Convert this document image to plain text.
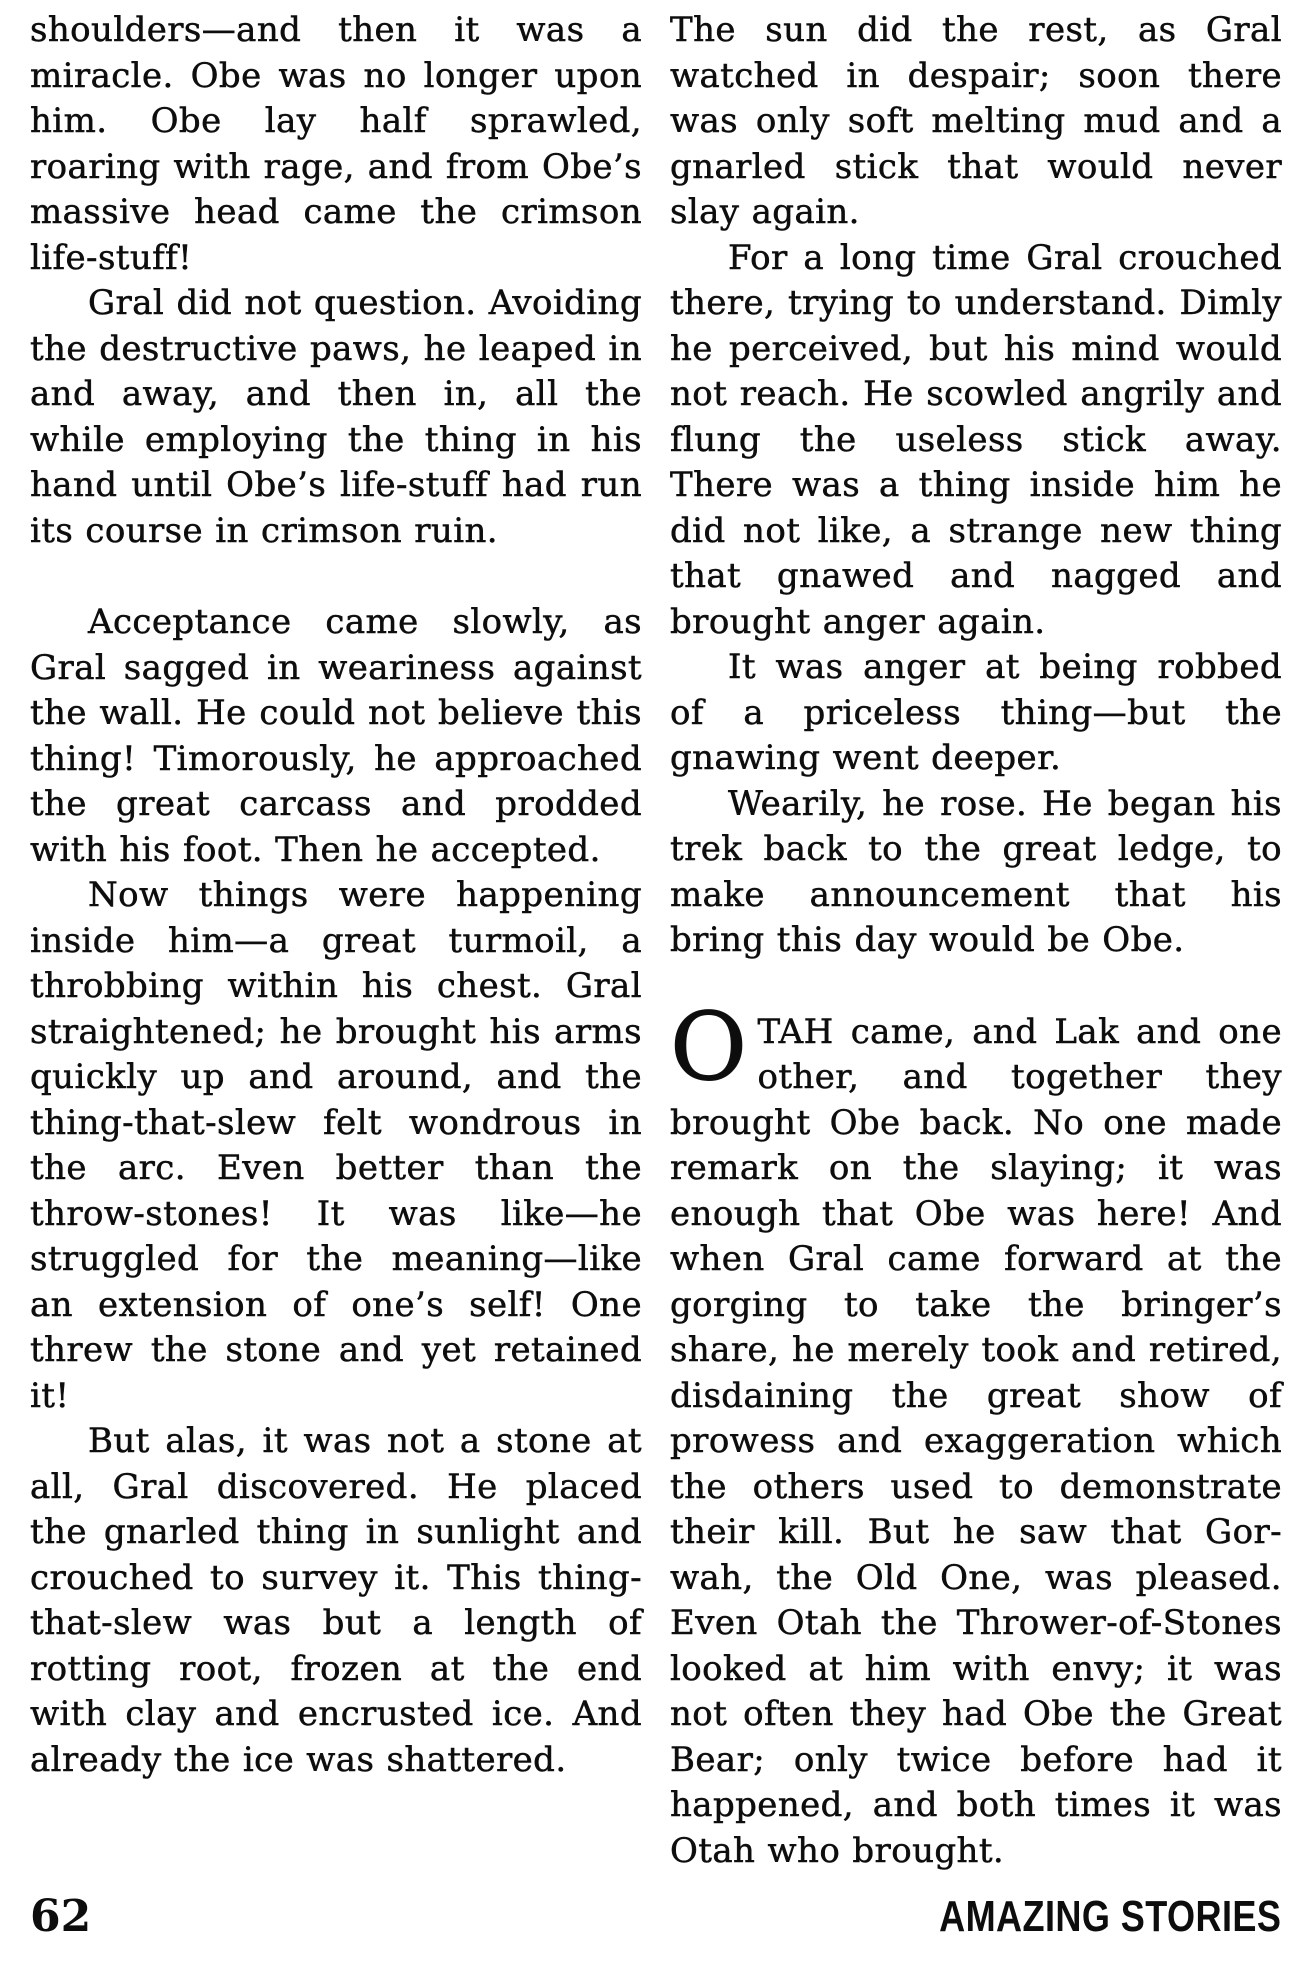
shoulders—and then it was a miracle. Obe was no longer upon him. Obe lay half sprawled, roaring with rage, and from Obe’s massive head came the crimson life-stuff!

Gral did not question. Avoiding the destructive paws, he leaped in and away, and then in, all the while employing the thing in his hand until Obe’s life-stuff had run its course in crimson ruin.

Acceptance came slowly, as Gral sagged in weariness against the wall. He could not believe this thing! Timorously, he approached the great carcass and prodded with his foot. Then he accepted.

Now things were happening inside him—a great turmoil, a throbbing within his chest. Gral straightened; he brought his arms quickly up and around, and the thing-that-slew felt wondrous in the arc. Even better than the throw-stones! It was like—he struggled for the meaning—like an extension of one’s self! One threw the stone and yet retained it!

But alas, it was not a stone at all, Gral discovered. He placed the gnarled thing in sunlight and crouched to survey it. This thing-that-slew was but a length of rotting root, frozen at the end with clay and encrusted ice. And already the ice was shattered.

The sun did the rest, as Gral watched in despair; soon there was only soft melting mud and a gnarled stick that would never slay again.

For a long time Gral crouched there, trying to understand. Dimly he perceived, but his mind would not reach. He scowled angrily and flung the useless stick away. There was a thing inside him he did not like, a strange new thing that gnawed and nagged and brought anger again.

It was anger at being robbed of a priceless thing—but the gnawing went deeper.

Wearily, he rose. He began his trek back to the great ledge, to make announcement that his bring this day would be Obe.

OTAH came, and Lak and one other, and together they brought Obe back. No one made remark on the slaying; it was enough that Obe was here! And when Gral came forward at the gorging to take the bringer’s share, he merely took and retired, disdaining the great show of prowess and exaggeration which the others used to demonstrate their kill. But he saw that Gor-wah, the Old One, was pleased. Even Otah the Thrower-of-Stones looked at him with envy; it was not often they had Obe the Great Bear; only twice before had it happened, and both times it was Otah who brought.

62	AMAZING STORIES
